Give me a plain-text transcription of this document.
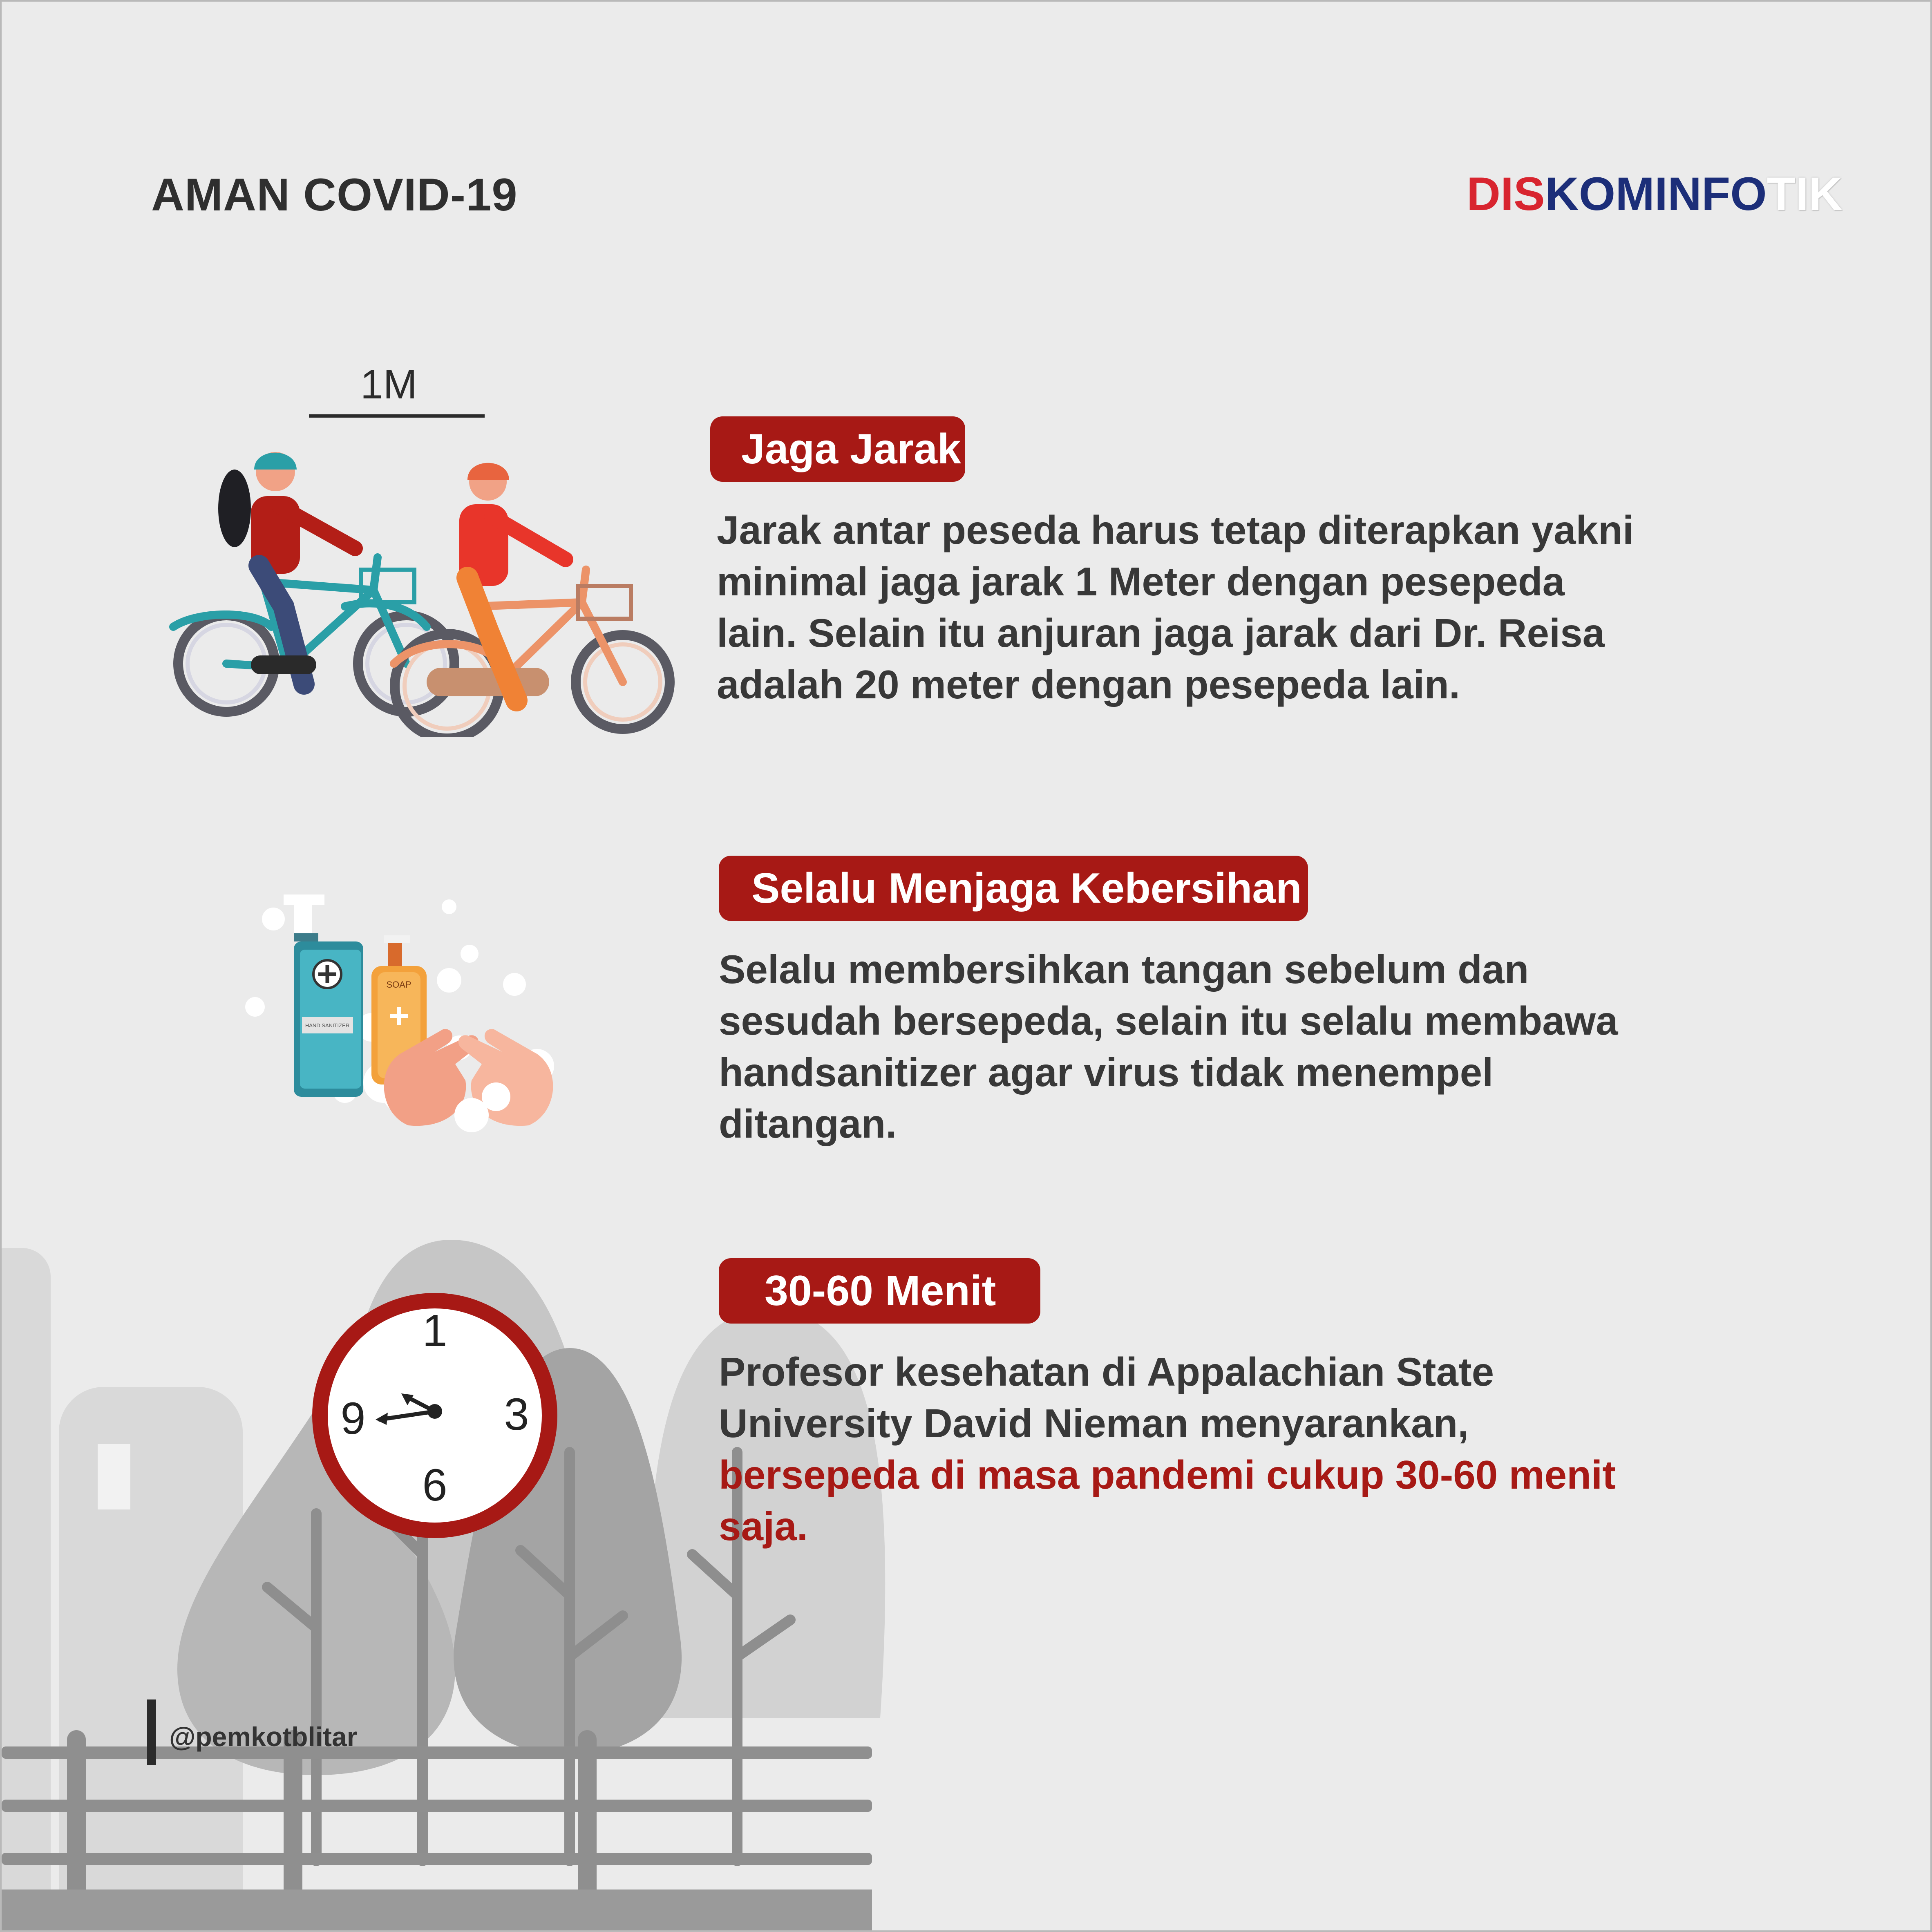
AMAN COVID-19	DISKOMINFOTIK
1M
HAND SANITIZER
SOAP
1
3
6
9
Jaga Jarak
Jarak antar peseda harus tetap diterapkan yakni minimal jaga jarak 1 Meter dengan pesepeda lain. Selain itu anjuran jaga jarak dari Dr. Reisa adalah 20 meter dengan pesepeda lain.
Selalu Menjaga Kebersihan
Selalu membersihkan tangan sebelum dan sesudah bersepeda, selain itu selalu membawa handsanitizer agar virus tidak menempel ditangan.
30-60 Menit
Profesor kesehatan di Appalachian State University David Nieman menyarankan, bersepeda di masa pandemi cukup 30-60 menit saja.
@pemkotblitar
